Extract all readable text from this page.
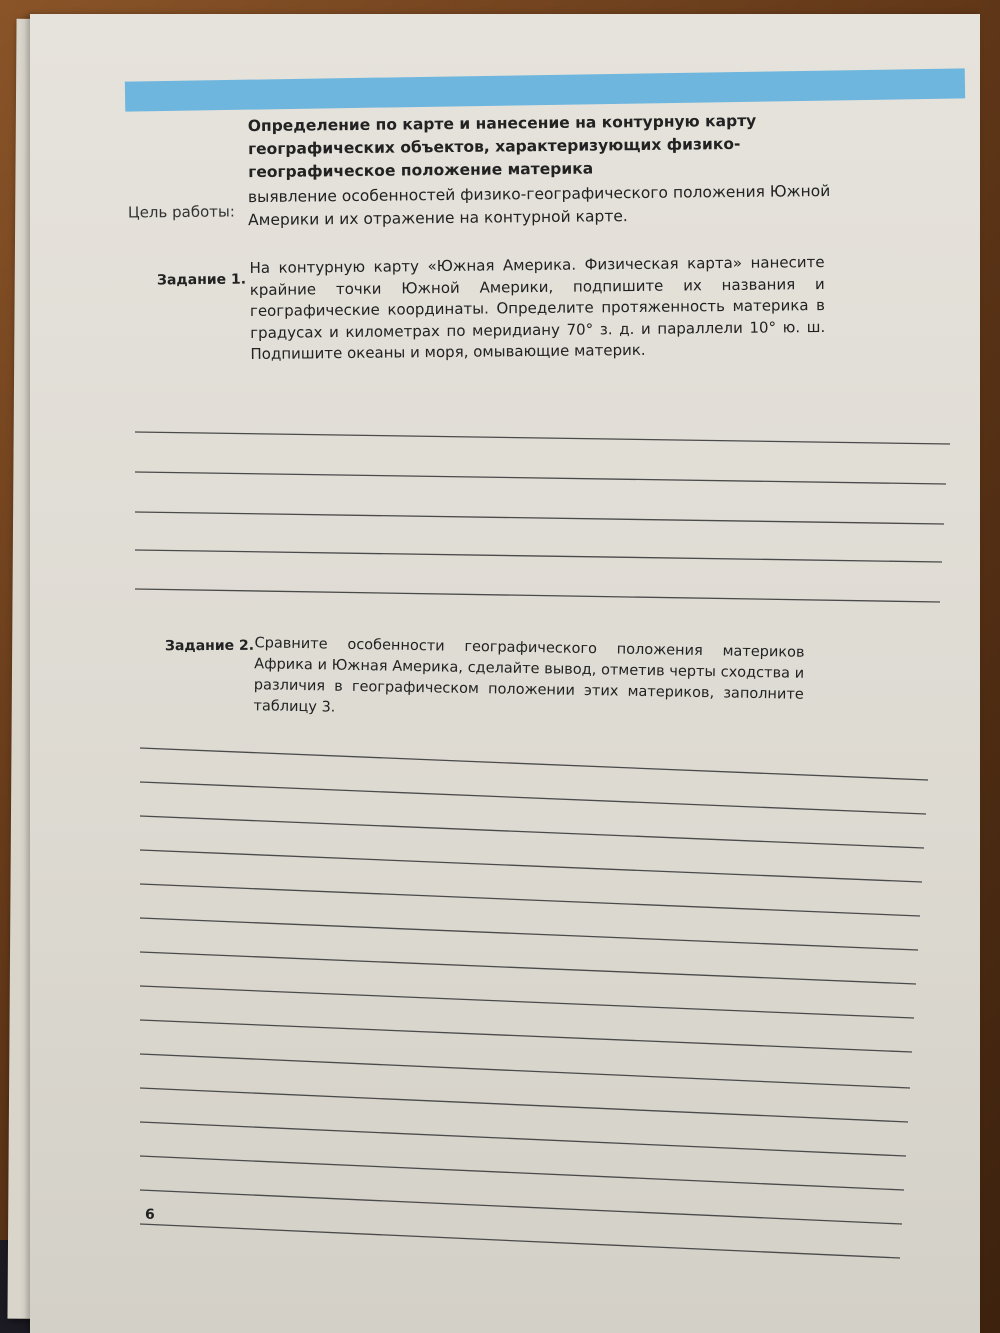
Определение по карте и нанесение на контурную карту географических объектов, характеризующих физико-географическое положение материка
Цель работы:
выявление особенностей физико-географического положения Южной Америки и их отражение на контурной карте.
Задание 1.
На контурную карту «Южная Америка. Физическая карта» нанесите крайние точки Южной Америки, подпишите их названия и географические координаты. Определите протяженность материка в градусах и километрах по меридиану 70° з. д. и параллели 10° ю. ш. Подпишите океаны и моря, омывающие материк.
Задание 2. Сравните особенности географического положения материков Африка и Южная Америка, сделайте вывод, отметив черты сходства и различия в географическом положении этих материков, заполните таблицу 3.
6
